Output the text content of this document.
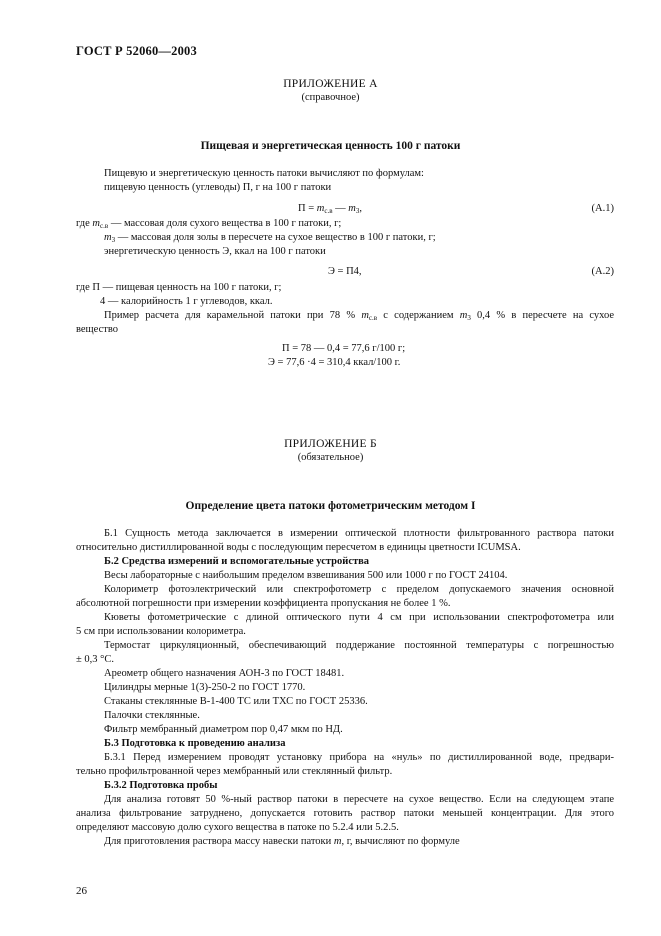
ГОСТ Р 52060—2003
ПРИЛОЖЕНИЕ А
(справочное)
Пищевая и энергетическая ценность 100 г патоки
Пищевую и энергетическую ценность патоки вычисляют по формулам:
пищевую ценность (углеводы) П, г на 100 г патоки
$П = m_{с.в}$ — $m_3$,	(А.1)
где $m_{с.в}$ — массовая доля сухого вещества в 100 г патоки, г;
$m_3$ — массовая доля золы в пересчете на сухое вещество в 100 г патоки, г;
энергетическую ценность Э, ккал на 100 г патоки
Э = П4,	(А.2)
где П — пищевая ценность на 100 г патоки, г;
4 — калорийность 1 г углеводов, ккал.
Пример расчета для карамельной патоки при 78 % $m_{с.в}$ с содержанием $m_3$ 0,4 % в пересчете на сухое
вещество
П = 78 — 0,4 = 77,6 г/100 г;
Э = 77,6 ·4 = 310,4 ккал/100 г.
ПРИЛОЖЕНИЕ Б
(обязательное)
Определение цвета патоки фотометрическим методом I
Б.1 Сущность метода заключается в измерении оптической плотности фильтрованного раствора патоки
относительно дистиллированной воды с последующим пересчетом в единицы цветности ICUMSA.
Б.2 Средства измерений и вспомогательные устройства
Весы лабораторные с наибольшим пределом взвешивания 500 или 1000 г по ГОСТ 24104.
Колориметр фотоэлектрический или спектрофотометр с пределом допускаемого значения основной
абсолютной погрешности при измерении коэффициента пропускания не более 1 %.
Кюветы фотометрические с длиной оптического пути 4 см при использовании спектрофотометра или
5 см при использовании колориметра.
Термостат циркуляционный, обеспечивающий поддержание постоянной температуры с погрешностью
± 0,3 °С.
Ареометр общего назначения АОН-3 по ГОСТ 18481.
Цилиндры мерные 1(3)-250-2 по ГОСТ 1770.
Стаканы стеклянные В-1-400 ТС или ТХС по ГОСТ 25336.
Палочки стеклянные.
Фильтр мембранный диаметром пор 0,47 мкм по НД.
Б.3 Подготовка к проведению анализа
Б.3.1 Перед измерением проводят установку прибора на «нуль» по дистиллированной воде, предвари-
тельно профильтрованной через мембранный или стеклянный фильтр.
Б.3.2 Подготовка пробы
Для анализа готовят 50 %-ный раствор патоки в пересчете на сухое вещество. Если на следующем этапе
анализа фильтрование затруднено, допускается готовить раствор патоки меньшей концентрации. Для этого
определяют массовую долю сухого вещества в патоке по 5.2.4 или 5.2.5.
Для приготовления раствора массу навески патоки m, г, вычисляют по формуле
26
